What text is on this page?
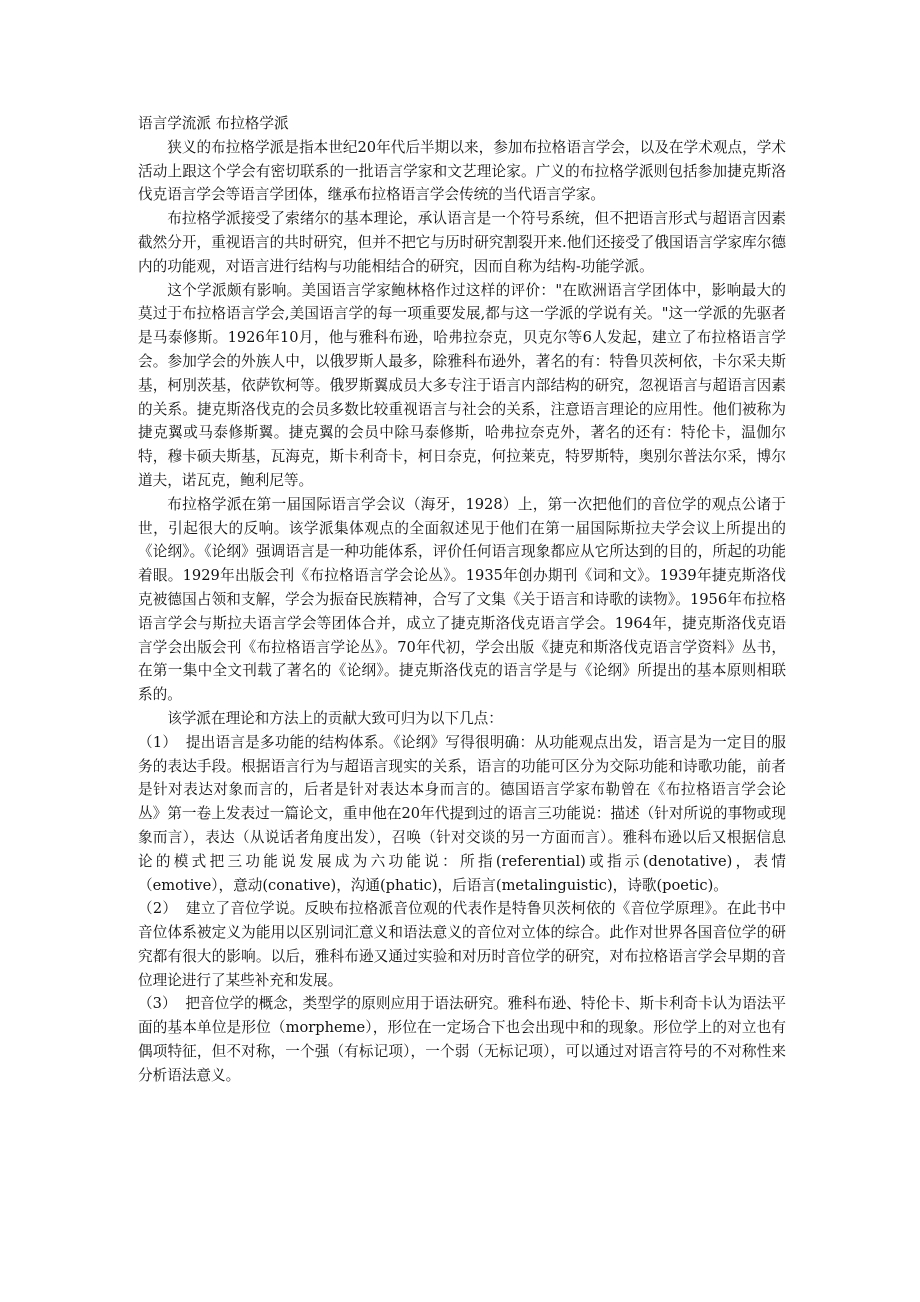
语言学流派 布拉格学派

狭义的布拉格学派是指本世纪20年代后半期以来，参加布拉格语言学会，以及在学术观点，学术活动上跟这个学会有密切联系的一批语言学家和文艺理论家。广义的布拉格学派则包括参加捷克斯洛伐克语言学会等语言学团体，继承布拉格语言学会传统的当代语言学家。

布拉格学派接受了索绪尔的基本理论，承认语言是一个符号系统，但不把语言形式与超语言因素截然分开，重视语言的共时研究，但并不把它与历时研究割裂开来.他们还接受了俄国语言学家库尔德内的功能观，对语言进行结构与功能相结合的研究，因而自称为结构-功能学派。

这个学派颇有影响。美国语言学家鲍林格作过这样的评价："在欧洲语言学团体中，影响最大的莫过于布拉格语言学会,美国语言学的每一项重要发展,都与这一学派的学说有关。"这一学派的先驱者是马泰修斯。1926年10月，他与雅科布逊，哈弗拉奈克，贝克尔等6人发起，建立了布拉格语言学会。参加学会的外族人中，以俄罗斯人最多，除雅科布逊外，著名的有：特鲁贝茨柯依，卡尔采夫斯基，柯別茨基，依萨钦柯等。俄罗斯翼成员大多专注于语言内部结构的研究，忽视语言与超语言因素的关系。捷克斯洛伐克的会员多数比较重视语言与社会的关系，注意语言理论的应用性。他们被称为捷克翼或马泰修斯翼。捷克翼的会员中除马泰修斯，哈弗拉奈克外，著名的还有：特伦卡，温伽尔特，穆卡硕夫斯基，瓦海克，斯卡利奇卡，柯日奈克，何拉莱克，特罗斯特，奥别尔普法尔采，博尔道夫，诺瓦克，鲍利尼等。

布拉格学派在第一届国际语言学会议（海牙，1928）上，第一次把他们的音位学的观点公诸于世，引起很大的反响。该学派集体观点的全面叙述见于他们在第一届国际斯拉夫学会议上所提出的《论纲》。《论纲》强调语言是一种功能体系，评价任何语言现象都应从它所达到的目的，所起的功能着眼。1929年出版会刊《布拉格语言学会论丛》。1935年创办期刊《词和文》。1939年捷克斯洛伐克被德国占领和支解，学会为振奋民族精神，合写了文集《关于语言和诗歌的读物》。1956年布拉格语言学会与斯拉夫语言学会等团体合并，成立了捷克斯洛伐克语言学会。1964年，捷克斯洛伐克语言学会出版会刊《布拉格语言学论丛》。70年代初，学会出版《捷克和斯洛伐克语言学资料》丛书，在第一集中全文刊载了著名的《论纲》。捷克斯洛伐克的语言学是与《论纲》所提出的基本原则相联系的。

该学派在理论和方法上的贡献大致可归为以下几点：

（1） 提出语言是多功能的结构体系。《论纲》写得很明确：从功能观点出发，语言是为一定目的服务的表达手段。根据语言行为与超语言现实的关系，语言的功能可区分为交际功能和诗歌功能，前者是针对表达对象而言的，后者是针对表达本身而言的。德国语言学家布勒曾在《布拉格语言学会论丛》第一卷上发表过一篇论文，重申他在20年代提到过的语言三功能说：描述（针对所说的事物或现象而言），表达（从说话者角度出发），召唤（针对交谈的另一方面而言）。雅科布逊以后又根据信息论的模式把三功能说发展成为六功能说：所指(referential)或指示(denotative)，表情（emotive），意动(conative)，沟通(phatic)，后语言(metalinguistic)，诗歌(poetic)。

（2） 建立了音位学说。反映布拉格派音位观的代表作是特鲁贝茨柯依的《音位学原理》。在此书中音位体系被定义为能用以区别词汇意义和语法意义的音位对立体的综合。此作对世界各国音位学的研究都有很大的影响。以后，雅科布逊又通过实验和对历时音位学的研究，对布拉格语言学会早期的音位理论进行了某些补充和发展。

（3） 把音位学的概念，类型学的原则应用于语法研究。雅科布逊、特伦卡、斯卡利奇卡认为语法平面的基本单位是形位（morpheme），形位在一定场合下也会出现中和的现象。形位学上的对立也有偶项特征，但不对称，一个强（有标记项），一个弱（无标记项），可以通过对语言符号的不对称性来分析语法意义。
